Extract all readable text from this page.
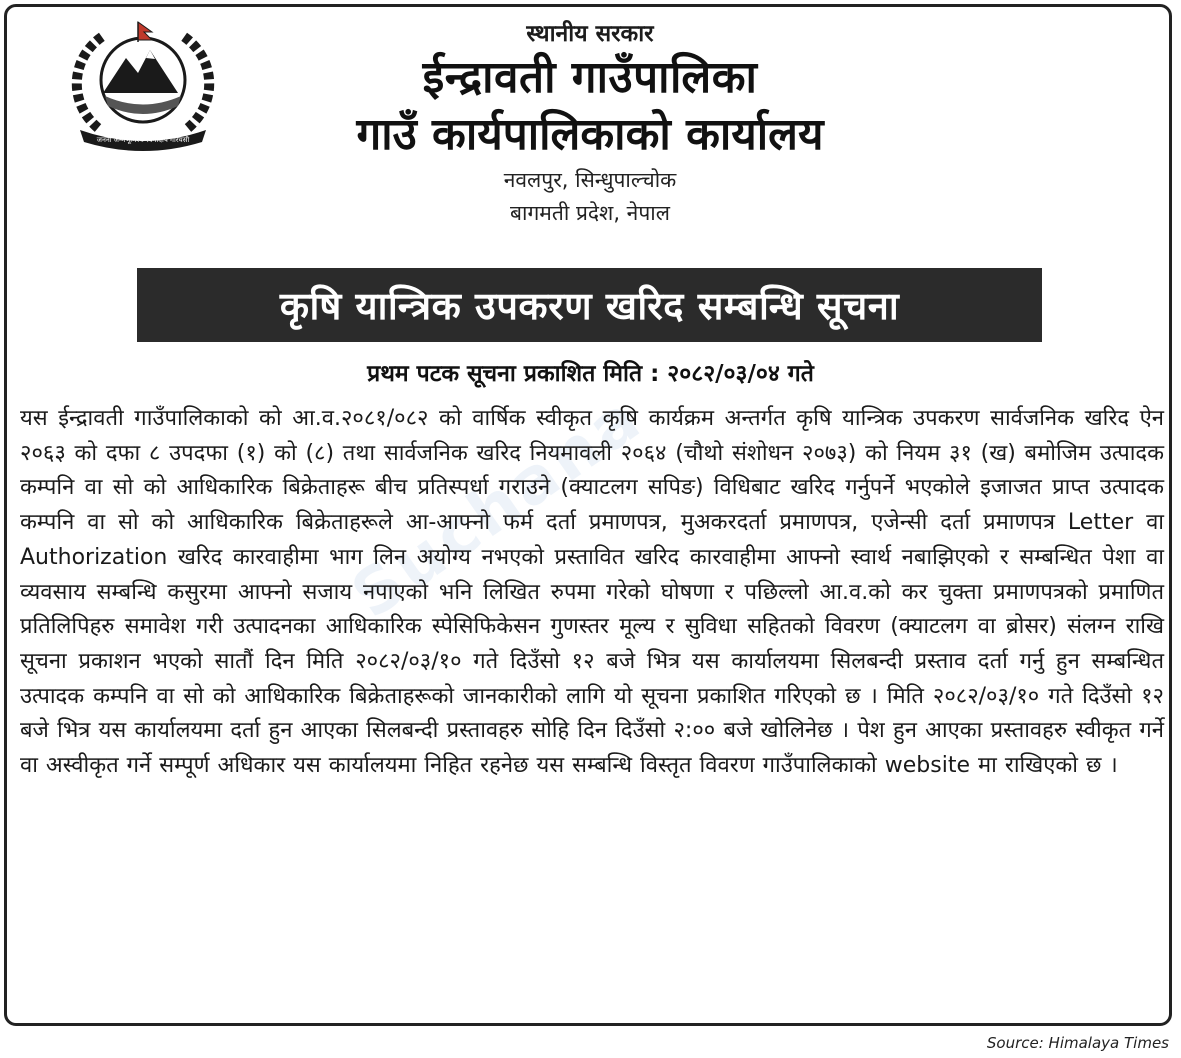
जननी जन्मभूमिश्च स्वर्गादपि गरियसी
स्थानीय सरकार
ईन्द्रावती गाउँपालिका
गाउँ कार्यपालिकाको कार्यालय
नवलपुर, सिन्धुपाल्चोक
बागमती प्रदेश, नेपाल
कृषि यान्त्रिक उपकरण खरिद सम्बन्धि सूचना
प्रथम पटक सूचना प्रकाशित मिति : २०८२/०३/०४ गते
यस ईन्द्रावती गाउँपालिकाको को आ.व.२०८१/०८२ को वार्षिक स्वीकृत कृषि कार्यक्रम अन्तर्गत कृषि यान्त्रिक उपकरण सार्वजनिक खरिद ऐन २०६३ को दफा ८ उपदफा (१) को (८) तथा सार्वजनिक खरिद नियमावली २०६४ (चौथो संशोधन २०७३) को नियम ३१ (ख) बमोजिम उत्पादक कम्पनि वा सो को आधिकारिक बिक्रेताहरू बीच प्रतिस्पर्धा गराउने (क्याटलग सपिङ) विधिबाट खरिद गर्नुपर्ने भएकोले इजाजत प्राप्त उत्पादक कम्पनि वा सो को आधिकारिक बिक्रेताहरूले आ-आफ्नो फर्म दर्ता प्रमाणपत्र, मुअकरदर्ता प्रमाणपत्र, एजेन्सी दर्ता प्रमाणपत्र Letter वा Authorization खरिद कारवाहीमा भाग लिन अयोग्य नभएको प्रस्तावित खरिद कारवाहीमा आफ्नो स्वार्थ नबाझिएको र सम्बन्धित पेशा वा व्यवसाय सम्बन्धि कसुरमा आफ्नो सजाय नपाएको भनि लिखित रुपमा गरेको घोषणा र पछिल्लो आ.व.को कर चुक्ता प्रमाणपत्रको प्रमाणित प्रतिलिपिहरु समावेश गरी उत्पादनका आधिकारिक स्पेसिफिकेसन गुणस्तर मूल्य र सुविधा सहितको विवरण (क्याटलग वा ब्रोसर) संलग्न राखि सूचना प्रकाशन भएको सातौं दिन मिति २०८२/०३/१० गते दिउँसो १२ बजे भित्र यस कार्यालयमा सिलबन्दी प्रस्ताव दर्ता गर्नु हुन सम्बन्धित उत्पादक कम्पनि वा सो को आधिकारिक बिक्रेताहरूको जानकारीको लागि यो सूचना प्रकाशित गरिएको छ । मिति २०८२/०३/१० गते दिउँसो १२ बजे भित्र यस कार्यालयमा दर्ता हुन आएका सिलबन्दी प्रस्तावहरु सोहि दिन दिउँसो २:०० बजे खोलिनेछ । पेश हुन आएका प्रस्तावहरु स्वीकृत गर्ने वा अस्वीकृत गर्ने सम्पूर्ण अधिकार यस कार्यालयमा निहित रहनेछ यस सम्बन्धि विस्तृत विवरण गाउँपालिकाको website मा राखिएको छ ।
Source: Himalaya Times
